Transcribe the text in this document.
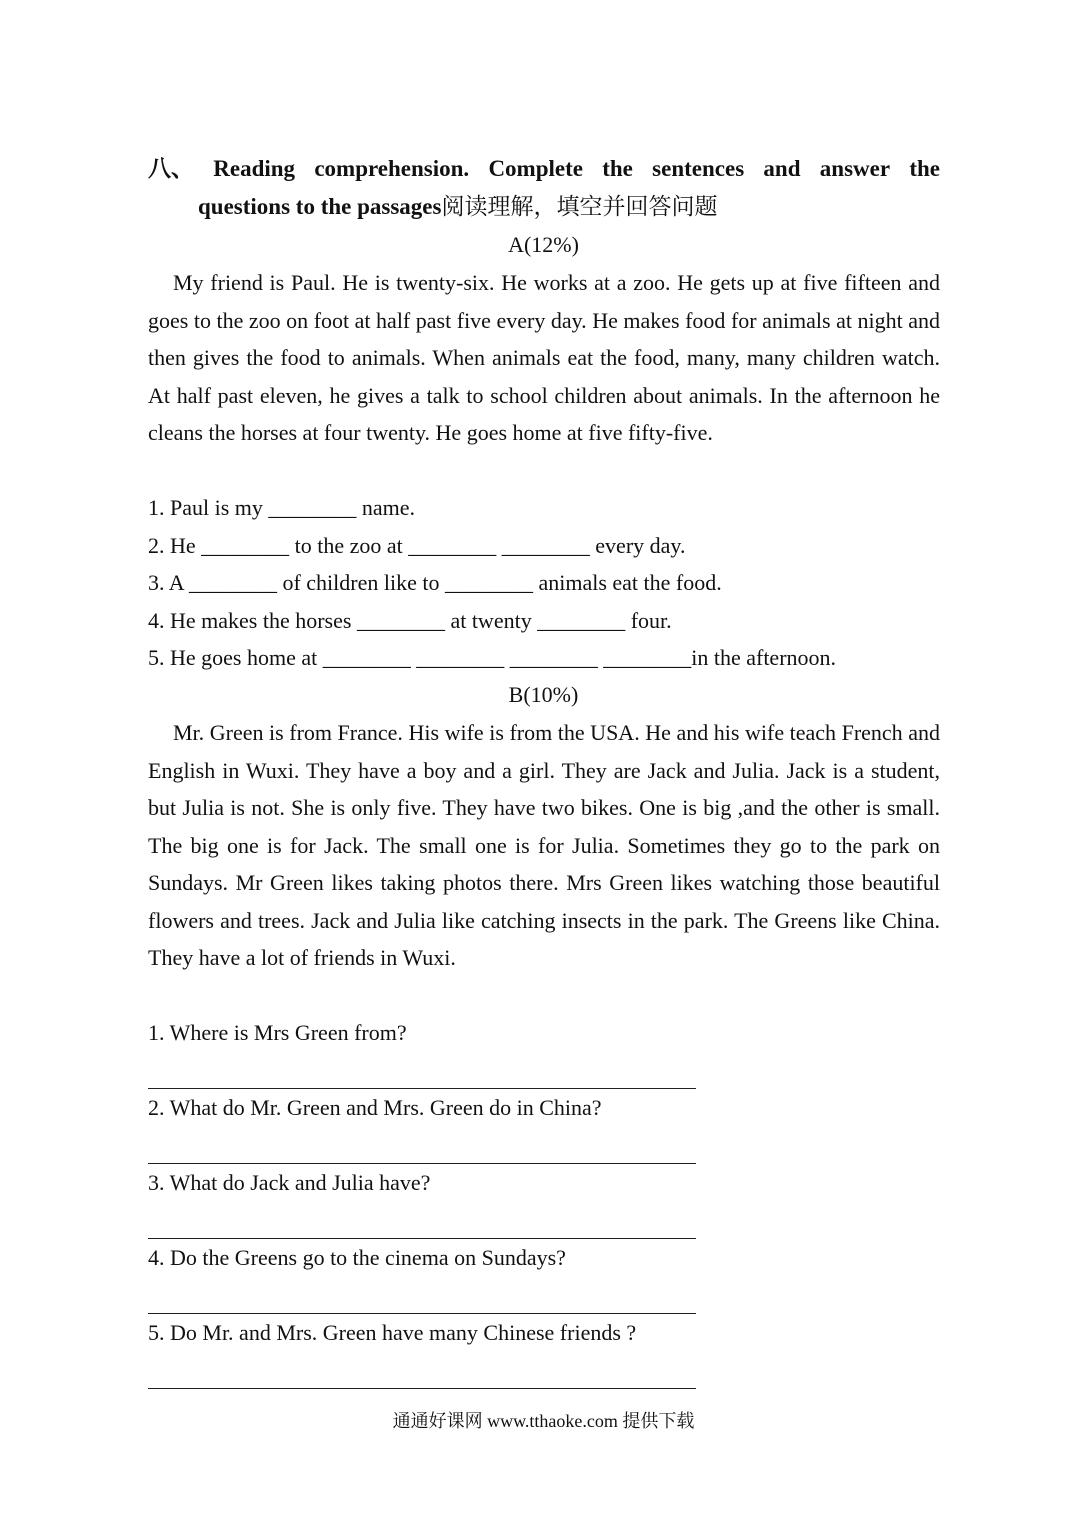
八、 Reading comprehension. Complete the sentences and answer the
questions to the passages阅读理解，填空并回答问题
A(12%)

My friend is Paul. He is twenty-six. He works at a zoo. He gets up at five fifteen and goes to the zoo on foot at half past five every day. He makes food for animals at night and then gives the food to animals. When animals eat the food, many, many children watch. At half past eleven, he gives a talk to school children about animals. In the afternoon he cleans the horses at four twenty. He goes home at five fifty-five.

1. Paul is my ________ name.
2. He ________ to the zoo at ________ ________ every day.
3. A ________ of children like to ________ animals eat the food.
4. He makes the horses ________ at twenty ________ four.
5. He goes home at ________ ________ ________ ________in the afternoon.
B(10%)

Mr. Green is from France. His wife is from the USA. He and his wife teach French and English in Wuxi. They have a boy and a girl. They are Jack and Julia. Jack is a student, but Julia is not. She is only five. They have two bikes. One is big ,and the other is small. The big one is for Jack. The small one is for Julia. Sometimes they go to the park on Sundays. Mr Green likes taking photos there. Mrs Green likes watching those beautiful flowers and trees. Jack and Julia like catching insects in the park. The Greens like China. They have a lot of friends in Wuxi.

1. Where is Mrs Green from?
2. What do Mr. Green and Mrs. Green do in China?
3. What do Jack and Julia have?
4. Do the Greens go to the cinema on Sundays?
5. Do Mr. and Mrs. Green have many Chinese friends ?
通通好课网 www.tthaoke.com 提供下载
